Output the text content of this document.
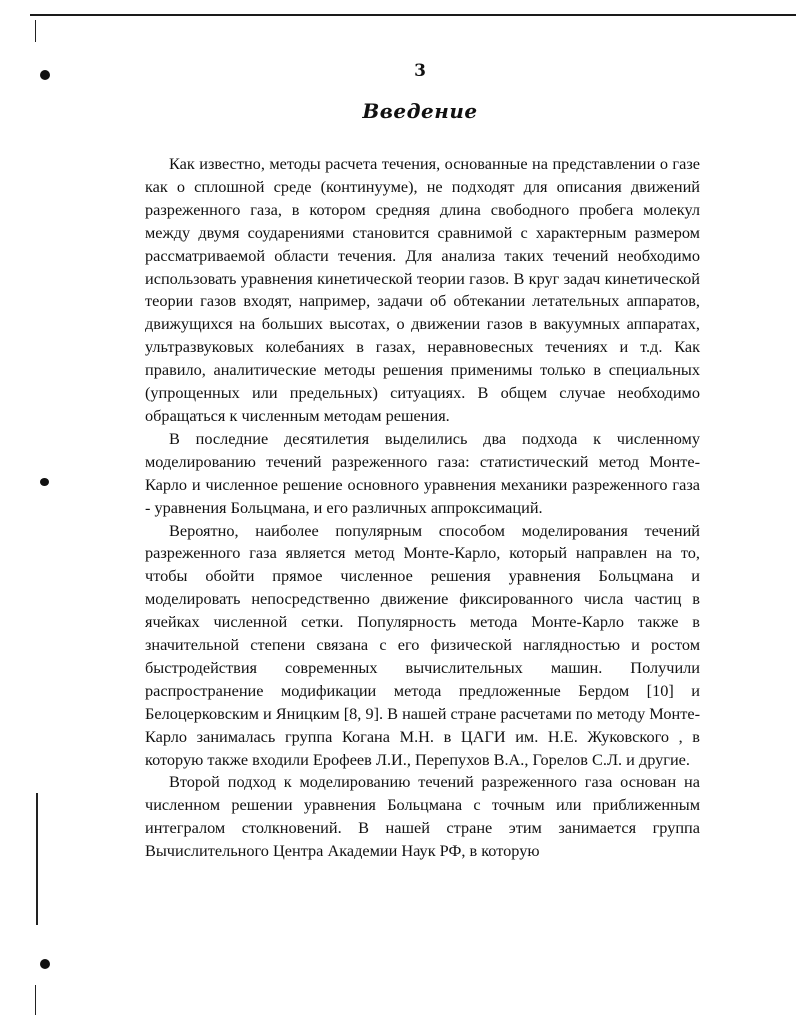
3
Введение

Как известно, методы расчета течения, основанные на представлении о газе как о сплошной среде (континууме), не подходят для описания движений разреженного газа, в котором средняя длина свободного пробега молекул между двумя соударениями становится сравнимой с характерным размером рассматриваемой области течения. Для анализа таких течений необходимо использовать уравнения кинетической теории газов. В круг задач кинетической теории газов входят, например, задачи об обтекании летательных аппаратов, движущихся на больших высотах, о движении газов в вакуумных аппаратах, ультразвуковых колебаниях в газах, неравновесных течениях и т.д. Как правило, аналитические методы решения применимы только в специальных (упрощенных или предельных) ситуациях. В общем случае необходимо обращаться к численным методам решения.

В последние десятилетия выделились два подхода к численному моделированию течений разреженного газа: статистический метод Монте-Карло и численное решение основного уравнения механики разреженного газа - уравнения Больцмана, и его различных аппроксимаций.

Вероятно, наиболее популярным способом моделирования течений разреженного газа является метод Монте-Карло, который направлен на то, чтобы обойти прямое численное решения уравнения Больцмана и моделировать непосредственно движение фиксированного числа частиц в ячейках численной сетки. Популярность метода Монте-Карло также в значительной степени связана с его физической наглядностью и ростом быстродействия современных вычислительных машин. Получили распространение модификации метода предложенные Бердом [10] и Белоцерковским и Яницким [8, 9]. В нашей стране расчетами по методу Монте-Карло занималась группа Когана М.Н. в ЦАГИ им. Н.Е. Жуковского , в которую также входили Ерофеев Л.И., Перепухов В.А., Горелов С.Л. и другие.

Второй подход к моделированию течений разреженного газа основан на численном решении уравнения Больцмана с точным или приближенным интегралом столкновений. В нашей стране этим занимается группа Вычислительного Центра Академии Наук РФ, в которую
